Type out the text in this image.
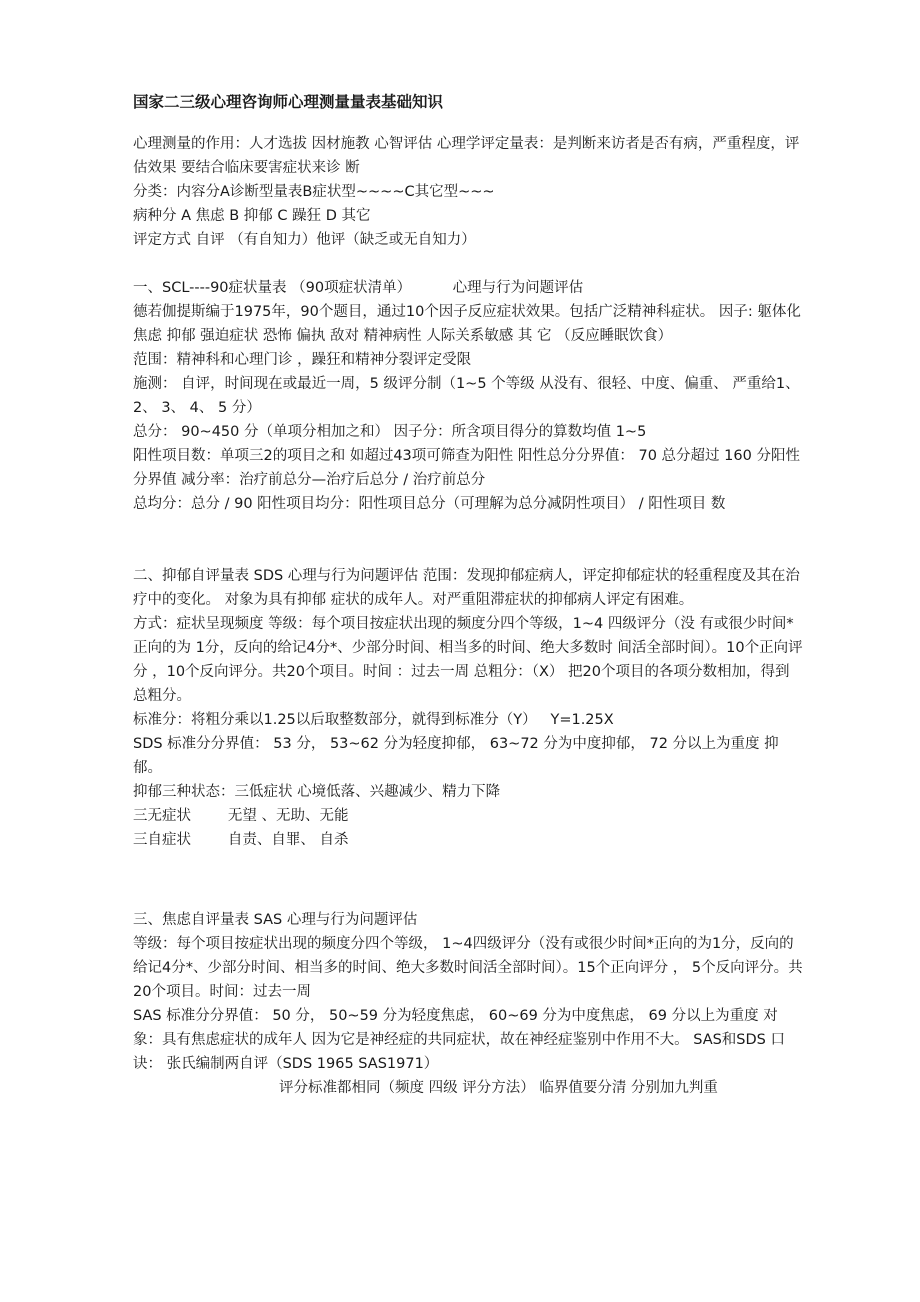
国家二三级心理咨询师心理测量量表基础知识

心理测量的作用：人才选拔 因材施教 心智评估 心理学评定量表：是判断来访者是否有病，严重程度，评估效果 要结合临床要害症状来诊 断

分类：内容分A诊断型量表B症状型~~~~C其它型~~~

病种分 A 焦虑 B 抑郁 C 躁狂 D 其它

评定方式 自评 （有自知力）他评（缺乏或无自知力）

一、SCL----90症状量表 （90项症状清单）         心理与行为问题评估

德若伽提斯编于1975年，90个题目，通过10个因子反应症状效果。包括广泛精神科症状。 因子: 躯体化 焦虑 抑郁 强迫症状 恐怖 偏执 敌对 精神病性 人际关系敏感 其 它 （反应睡眠饮食）

范围：精神科和心理门诊 ，躁狂和精神分裂评定受限

施测： 自评，时间现在或最近一周，5 级评分制（1~5 个等级 从没有、很轻、中度、偏重、 严重给1、 2、 3、 4、 5 分）

总分： 90~450 分（单项分相加之和） 因子分：所含项目得分的算数均值 1~5

阳性项目数：单项三2的项目之和 如超过43项可筛查为阳性 阳性总分分界值： 70 总分超过 160 分阳性分界值 减分率：治疗前总分—治疗后总分 / 治疗前总分

总均分：总分 / 90 阳性项目均分：阳性项目总分（可理解为总分减阴性项目） / 阳性项目 数

二、抑郁自评量表 SDS 心理与行为问题评估 范围：发现抑郁症病人，评定抑郁症状的轻重程度及其在治疗中的变化。 对象为具有抑郁 症状的成年人。对严重阻滞症状的抑郁病人评定有困难。

方式：症状呈现频度 等级：每个项目按症状出现的频度分四个等级，1~4 四级评分（没 有或很少时间*正向的为 1分，反向的给记4分*、少部分时间、相当多的时间、绝大多数时 间活全部时间）。10个正向评分 ，10个反向评分。共20个项目。时间 ：过去一周 总粗分：（X） 把20个项目的各项分数相加，得到总粗分。

标准分：将粗分乘以1.25以后取整数部分，就得到标准分（Y）   Y=1.25X

SDS 标准分分界值： 53 分， 53~62 分为轻度抑郁， 63~72 分为中度抑郁， 72 分以上为重度 抑郁。

抑郁三种状态：三低症状 心境低落、兴趣减少、精力下降

三无症状        无望 、无助、无能

三自症状        自责、自罪、 自杀

三、焦虑自评量表 SAS 心理与行为问题评估

等级：每个项目按症状出现的频度分四个等级， 1~4四级评分（没有或很少时间*正向的为1分，反向的给记4分*、少部分时间、相当多的时间、绝大多数时间活全部时间）。15个正向评分 ， 5个反向评分。共20个项目。时间：过去一周

SAS 标准分分界值： 50 分， 50~59 分为轻度焦虑， 60~69 分为中度焦虑， 69 分以上为重度 对象：具有焦虑症状的成年人 因为它是神经症的共同症状，故在神经症鉴别中作用不大。 SAS和SDS 口诀： 张氏编制两自评（SDS 1965 SAS1971）

评分标准都相同（频度 四级 评分方法） 临界值要分清 分别加九判重
